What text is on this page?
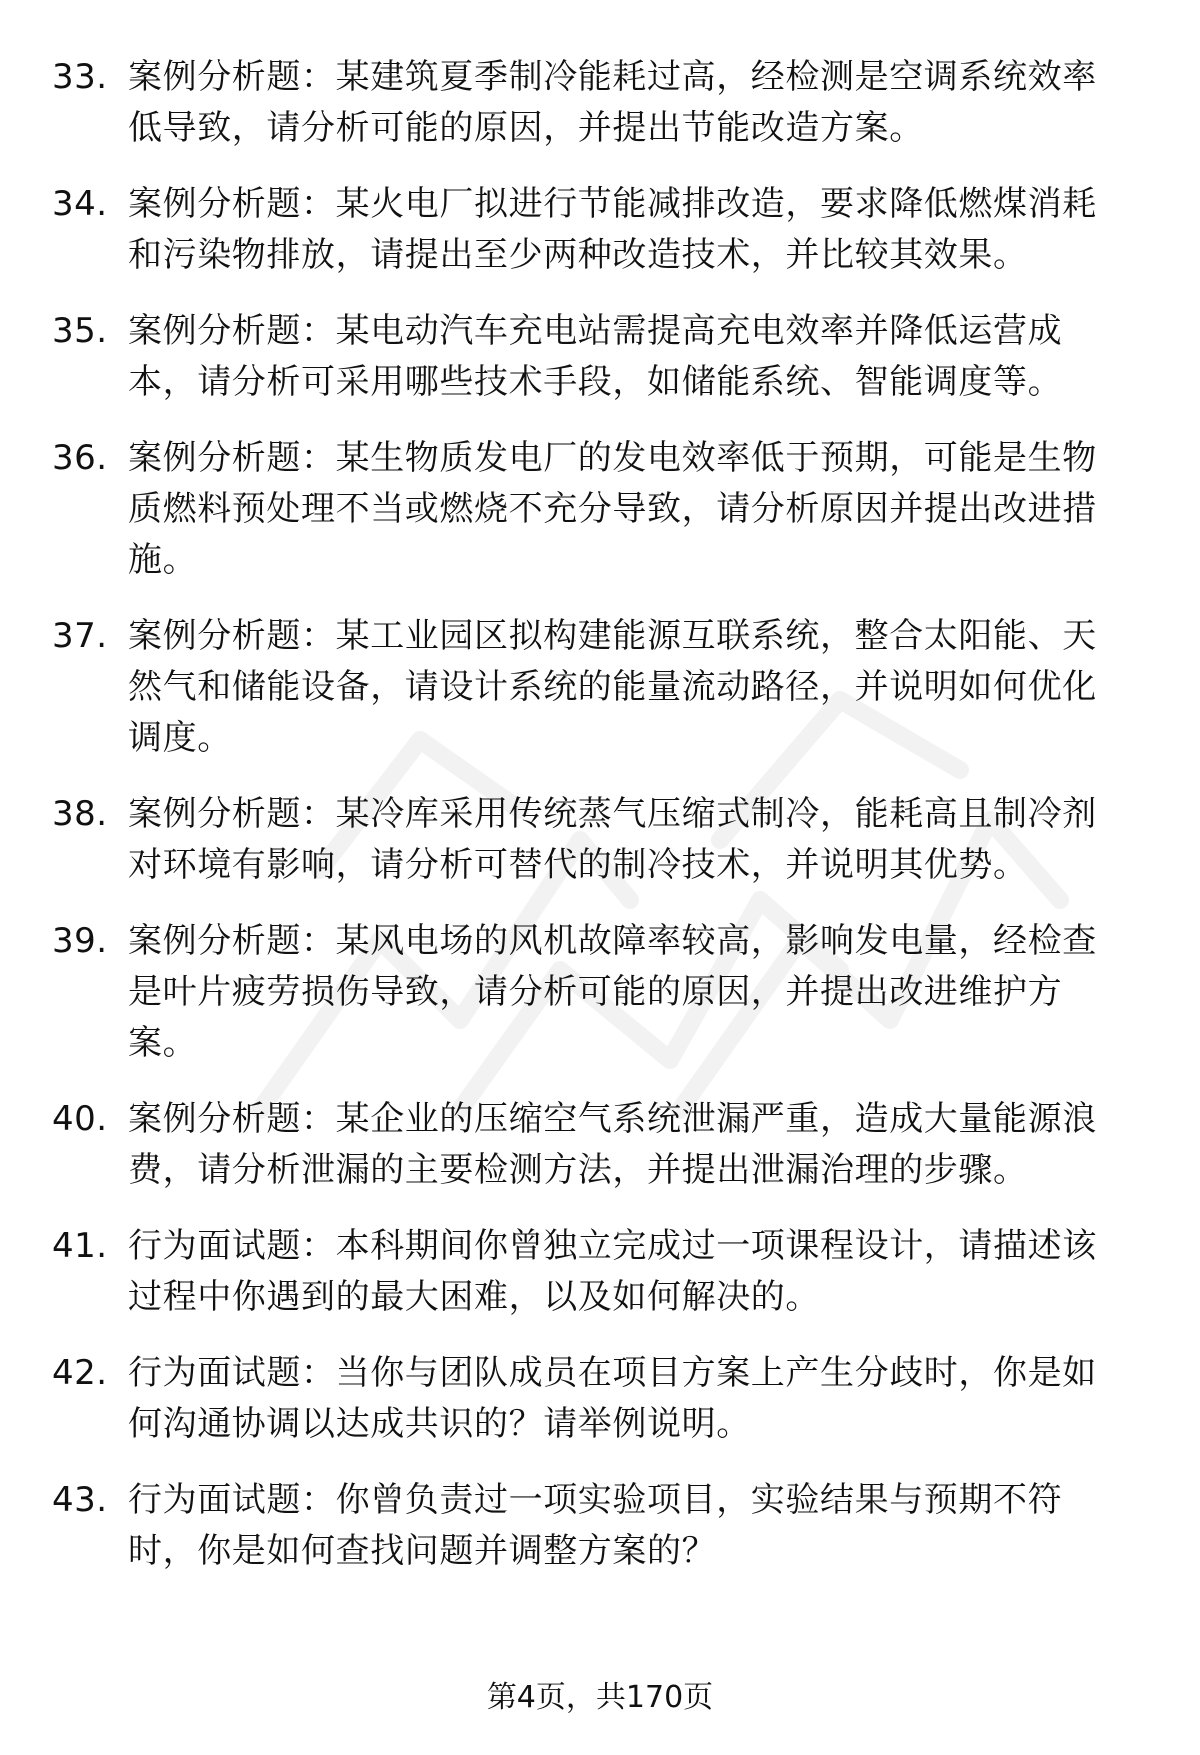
33. 案例分析题：某建筑夏季制冷能耗过高，经检测是空调系统效率低导致，请分析可能的原因，并提出节能改造方案。
34. 案例分析题：某火电厂拟进行节能减排改造，要求降低燃煤消耗和污染物排放，请提出至少两种改造技术，并比较其效果。
35. 案例分析题：某电动汽车充电站需提高充电效率并降低运营成本，请分析可采用哪些技术手段，如储能系统、智能调度等。
36. 案例分析题：某生物质发电厂的发电效率低于预期，可能是生物质燃料预处理不当或燃烧不充分导致，请分析原因并提出改进措施。
37. 案例分析题：某工业园区拟构建能源互联系统，整合太阳能、天然气和储能设备，请设计系统的能量流动路径，并说明如何优化调度。
38. 案例分析题：某冷库采用传统蒸气压缩式制冷，能耗高且制冷剂对环境有影响，请分析可替代的制冷技术，并说明其优势。
39. 案例分析题：某风电场的风机故障率较高，影响发电量，经检查是叶片疲劳损伤导致，请分析可能的原因，并提出改进维护方案。
40. 案例分析题：某企业的压缩空气系统泄漏严重，造成大量能源浪费，请分析泄漏的主要检测方法，并提出泄漏治理的步骤。
41. 行为面试题：本科期间你曾独立完成过一项课程设计，请描述该过程中你遇到的最大困难，以及如何解决的。
42. 行为面试题：当你与团队成员在项目方案上产生分歧时，你是如何沟通协调以达成共识的？请举例说明。
43. 行为面试题：你曾负责过一项实验项目，实验结果与预期不符时，你是如何查找问题并调整方案的？
第4页，共170页
